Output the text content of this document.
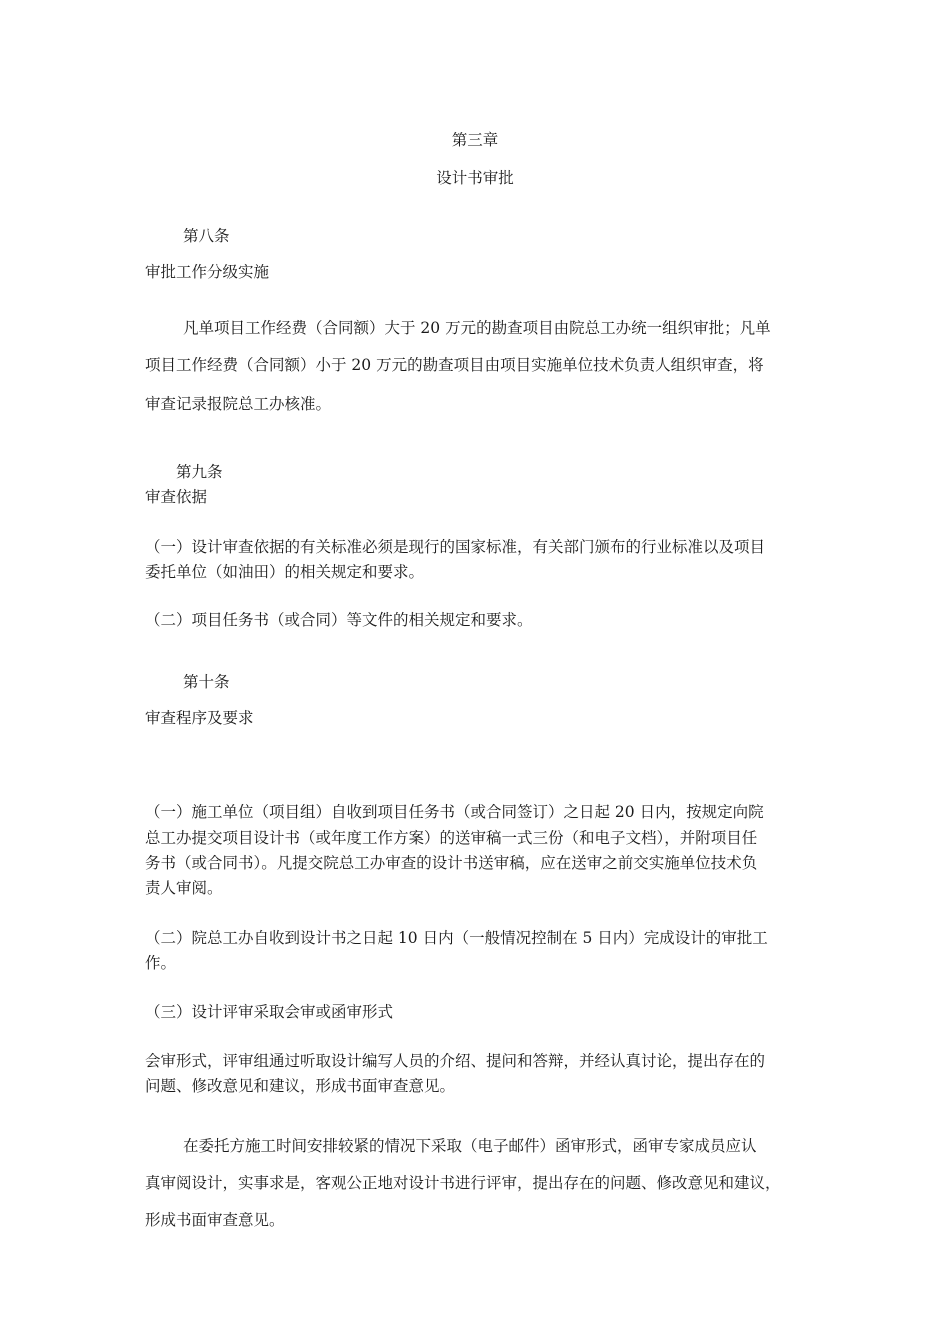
第三章
设计书审批
第八条
审批工作分级实施
凡单项目工作经费（合同额）大于 20 万元的勘查项目由院总工办统一组织审批；凡单
项目工作经费（合同额）小于 20 万元的勘查项目由项目实施单位技术负责人组织审查，将
审查记录报院总工办核准。
第九条
审查依据
（一）设计审查依据的有关标准必须是现行的国家标准，有关部门颁布的行业标准以及项目
委托单位（如油田）的相关规定和要求。
（二）项目任务书（或合同）等文件的相关规定和要求。
第十条
审查程序及要求
（一）施工单位（项目组）自收到项目任务书（或合同签订）之日起 20 日内，按规定向院
总工办提交项目设计书（或年度工作方案）的送审稿一式三份（和电子文档），并附项目任
务书（或合同书）。凡提交院总工办审查的设计书送审稿，应在送审之前交实施单位技术负
责人审阅。
（二）院总工办自收到设计书之日起 10 日内（一般情况控制在 5 日内）完成设计的审批工
作。
（三）设计评审采取会审或函审形式
会审形式，评审组通过听取设计编写人员的介绍、提问和答辩，并经认真讨论，提出存在的
问题、修改意见和建议，形成书面审查意见。
在委托方施工时间安排较紧的情况下采取（电子邮件）函审形式，函审专家成员应认
真审阅设计，实事求是，客观公正地对设计书进行评审，提出存在的问题、修改意见和建议，
形成书面审查意见。
